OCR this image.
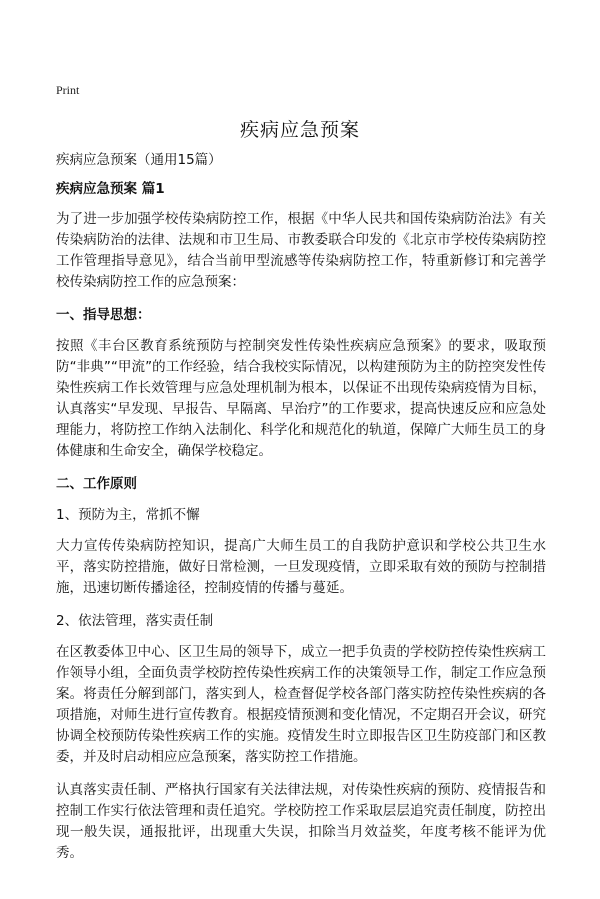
Print
疾病应急预案

疾病应急预案（通用15篇）

疾病应急预案 篇1

为了进一步加强学校传染病防控工作，根据《中华人民共和国传染病防治法》有关传染病防治的法律、法规和市卫生局、市教委联合印发的《北京市学校传染病防控工作管理指导意见》，结合当前甲型流感等传染病防控工作，特重新修订和完善学校传染病防控工作的应急预案：

一、指导思想：

按照《丰台区教育系统预防与控制突发性传染性疾病应急预案》的要求，吸取预防“非典”“甲流”的工作经验，结合我校实际情况，以构建预防为主的防控突发性传染性疾病工作长效管理与应急处理机制为根本，以保证不出现传染病疫情为目标，认真落实“早发现、早报告、早隔离、早治疗”的工作要求，提高快速反应和应急处理能力，将防控工作纳入法制化、科学化和规范化的轨道，保障广大师生员工的身体健康和生命安全，确保学校稳定。

二、工作原则

1、预防为主，常抓不懈

大力宣传传染病防控知识，提高广大师生员工的自我防护意识和学校公共卫生水平，落实防控措施，做好日常检测，一旦发现疫情，立即采取有效的预防与控制措施，迅速切断传播途径，控制疫情的传播与蔓延。

2、依法管理，落实责任制

在区教委体卫中心、区卫生局的领导下，成立一把手负责的学校防控传染性疾病工作领导小组，全面负责学校防控传染性疾病工作的决策领导工作，制定工作应急预案。将责任分解到部门，落实到人，检查督促学校各部门落实防控传染性疾病的各项措施，对师生进行宣传教育。根据疫情预测和变化情况，不定期召开会议，研究协调全校预防传染性疾病工作的实施。疫情发生时立即报告区卫生防疫部门和区教委，并及时启动相应应急预案，落实防控工作措施。

认真落实责任制、严格执行国家有关法律法规，对传染性疾病的预防、疫情报告和控制工作实行依法管理和责任追究。学校防控工作采取层层追究责任制度，防控出现一般失误，通报批评，出现重大失误，扣除当月效益奖，年度考核不能评为优秀。
